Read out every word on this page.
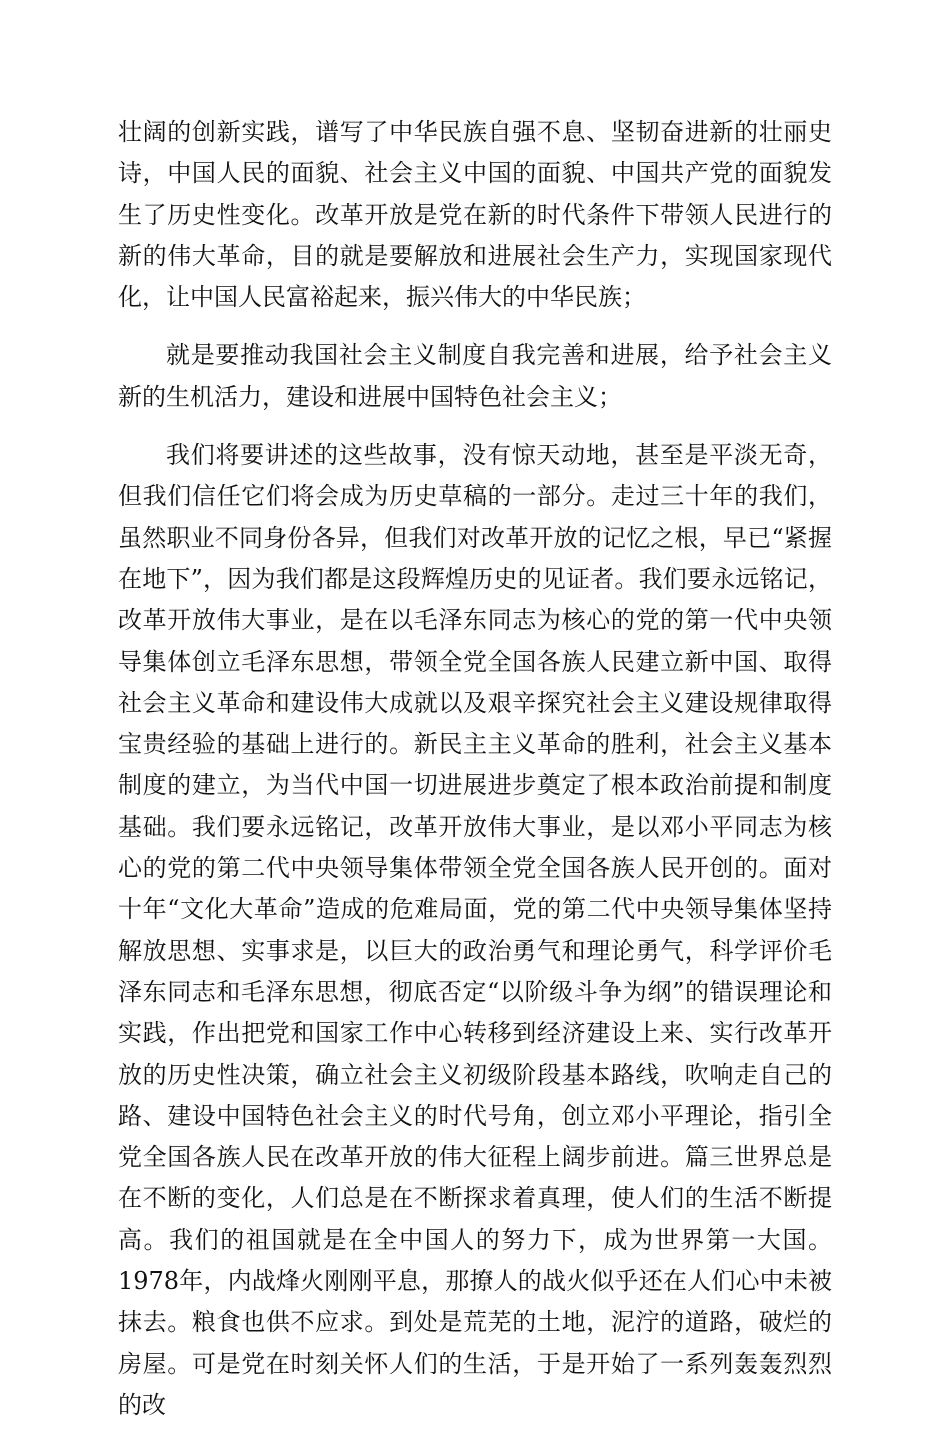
壮阔的创新实践，谱写了中华民族自强不息、坚韧奋进新的壮丽史诗，中国人民的面貌、社会主义中国的面貌、中国共产党的面貌发生了历史性变化。改革开放是党在新的时代条件下带领人民进行的新的伟大革命，目的就是要解放和进展社会生产力，实现国家现代化，让中国人民富裕起来，振兴伟大的中华民族；

就是要推动我国社会主义制度自我完善和进展，给予社会主义新的生机活力，建设和进展中国特色社会主义；

我们将要讲述的这些故事，没有惊天动地，甚至是平淡无奇，但我们信任它们将会成为历史草稿的一部分。走过三十年的我们，虽然职业不同身份各异，但我们对改革开放的记忆之根，早已“紧握在地下”，因为我们都是这段辉煌历史的见证者。我们要永远铭记，改革开放伟大事业，是在以毛泽东同志为核心的党的第一代中央领导集体创立毛泽东思想，带领全党全国各族人民建立新中国、取得社会主义革命和建设伟大成就以及艰辛探究社会主义建设规律取得宝贵经验的基础上进行的。新民主主义革命的胜利，社会主义基本制度的建立，为当代中国一切进展进步奠定了根本政治前提和制度基础。我们要永远铭记，改革开放伟大事业，是以邓小平同志为核心的党的第二代中央领导集体带领全党全国各族人民开创的。面对十年“文化大革命”造成的危难局面，党的第二代中央领导集体坚持解放思想、实事求是，以巨大的政治勇气和理论勇气，科学评价毛泽东同志和毛泽东思想，彻底否定“以阶级斗争为纲”的错误理论和实践，作出把党和国家工作中心转移到经济建设上来、实行改革开放的历史性决策，确立社会主义初级阶段基本路线，吹响走自己的路、建设中国特色社会主义的时代号角，创立邓小平理论，指引全党全国各族人民在改革开放的伟大征程上阔步前进。篇三世界总是在不断的变化，人们总是在不断探求着真理，使人们的生活不断提高。我们的祖国就是在全中国人的努力下，成为世界第一大国。1978年，内战烽火刚刚平息，那撩人的战火似乎还在人们心中未被抹去。粮食也供不应求。到处是荒芜的土地，泥泞的道路，破烂的房屋。可是党在时刻关怀人们的生活，于是开始了一系列轰轰烈烈的改
